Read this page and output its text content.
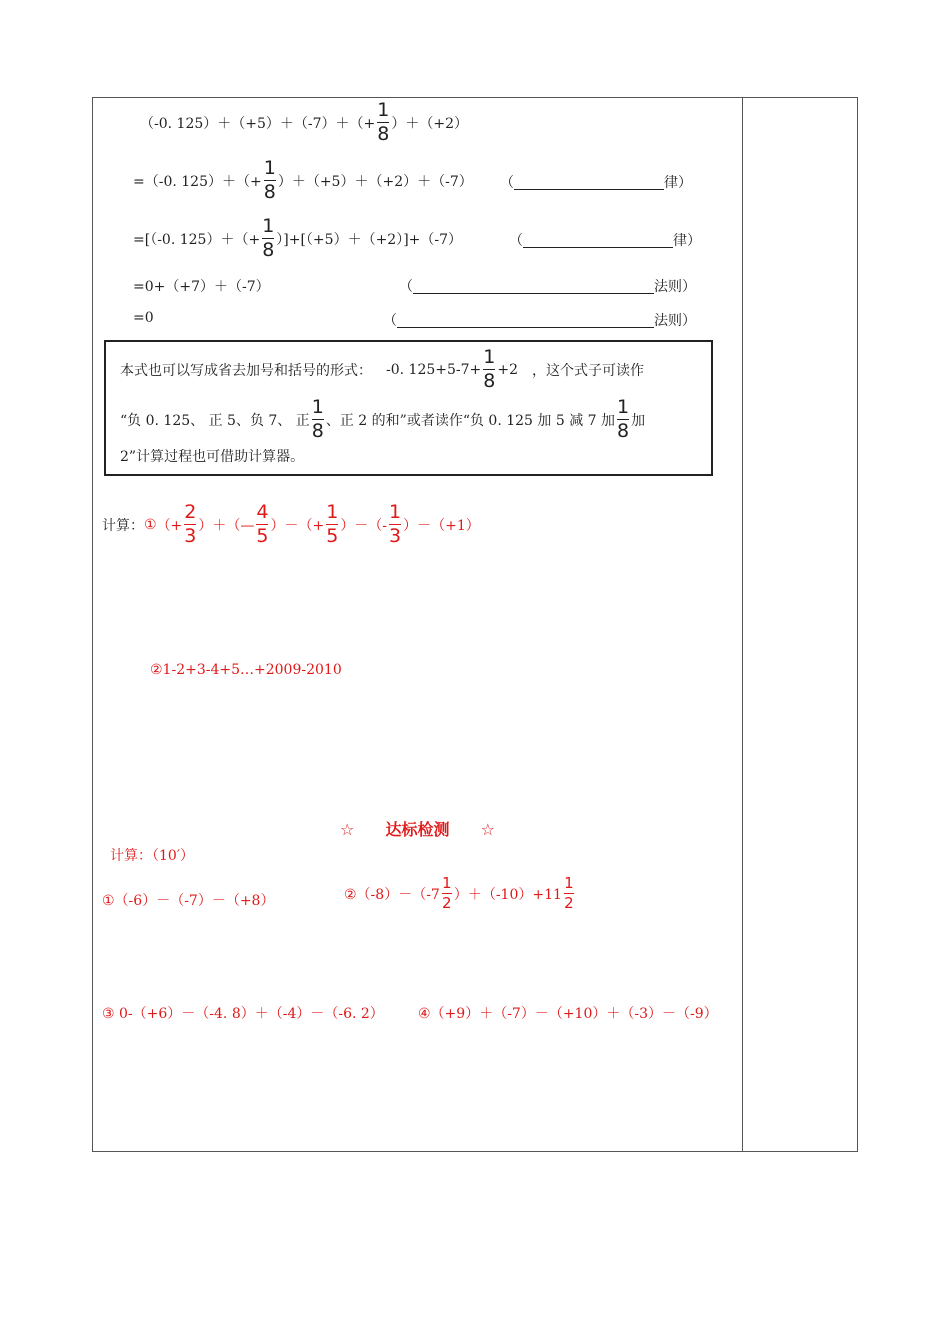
（-0. $125)+(+5)+(-7)+(+ \frac{1}{8} )+(+2)$
=（-0. $125)+(+ \frac{1}{8} )+(+5)+(+2)+(-7)$ （	律）
=[（-0. $125)+(+ \frac{1}{8} )]+[(+5)+(+2)]+(-7)$	（	律）
=0+（+7）＋（-7）	（	法则）
=0	（	法则）
本式也可以写成省去加号和括号的形式： -0. $125+5-7+ \frac{1}{8} +2$ ，这个式子可读作
“负 0. 125、 正 5、负 7、 正 $\frac{1}{8}$ 、正 2 的和”或者读作“负 0. 125 加 5 减 7 加 $\frac{1}{8}$ 加
2”计算过程也可借助计算器。
计算： ① （+ $\frac{2}{3}$ ）＋（— $\frac{4}{5}$ ）－（+ $\frac{1}{5}$ ）－（- $\frac{1}{3} )-(+1)$
②1-2+3-4+5…+2009-2010
☆ 达标检测 ☆
计算：（10′）
①（-6）－（-7）－（+8）	②（-8）－（-7 $\frac{1}{2} )+(-10)+11 \frac{1}{2}$
③ 0-（+6）－（-4. 8）＋（-4）－（-6. 2） ④（+9）＋（-7）－（+10）＋（-3）－（-9）
